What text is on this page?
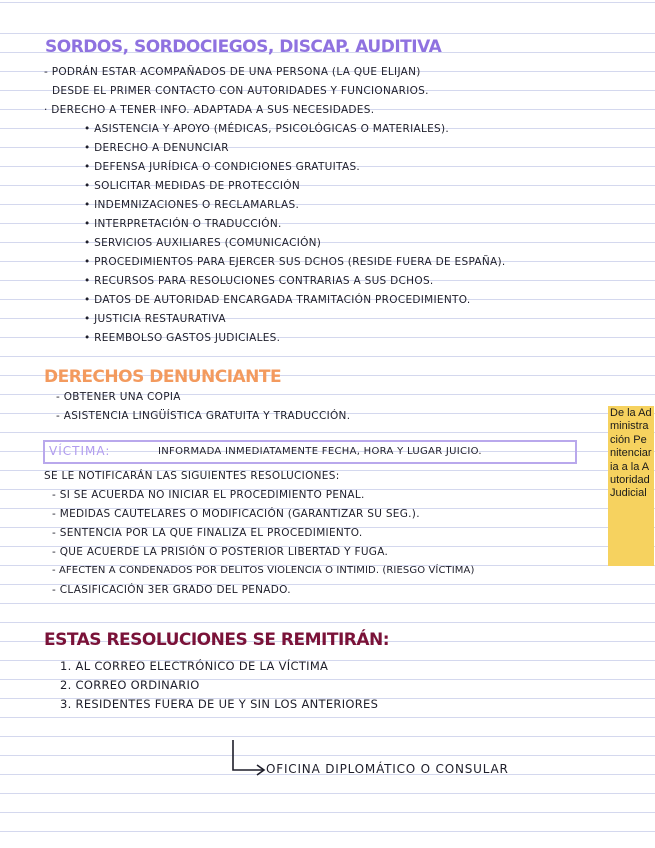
SORDOS, SORDOCIEGOS, DISCAP. AUDITIVA
- PODRÁN ESTAR ACOMPAÑADOS DE UNA PERSONA (LA QUE ELIJAN)
DESDE EL PRIMER CONTACTO CON AUTORIDADES Y FUNCIONARIOS.
· DERECHO A TENER INFO. ADAPTADA A SUS NECESIDADES.
• ASISTENCIA Y APOYO (MÉDICAS, PSICOLÓGICAS O MATERIALES).
• DERECHO A DENUNCIAR
• DEFENSA JURÍDICA O CONDICIONES GRATUITAS.
• SOLICITAR MEDIDAS DE PROTECCIÓN
• INDEMNIZACIONES O RECLAMARLAS.
• INTERPRETACIÓN O TRADUCCIÓN.
• SERVICIOS AUXILIARES (COMUNICACIÓN)
• PROCEDIMIENTOS PARA EJERCER SUS DCHOS (RESIDE FUERA DE ESPAÑA).
• RECURSOS PARA RESOLUCIONES CONTRARIAS A SUS DCHOS.
• DATOS DE AUTORIDAD ENCARGADA TRAMITACIÓN PROCEDIMIENTO.
• JUSTICIA RESTAURATIVA
• REEMBOLSO GASTOS JUDICIALES.
DERECHOS DENUNCIANTE
- OBTENER UNA COPIA
- ASISTENCIA LINGÜÍSTICA GRATUITA Y TRADUCCIÓN.
VÍCTIMA:	INFORMADA INMEDIATAMENTE FECHA, HORA Y LUGAR JUICIO.
SE LE NOTIFICARÁN LAS SIGUIENTES RESOLUCIONES:
- SI SE ACUERDA NO INICIAR EL PROCEDIMIENTO PENAL.
- MEDIDAS CAUTELARES O MODIFICACIÓN (GARANTIZAR SU SEG.).
- SENTENCIA POR LA QUE FINALIZA EL PROCEDIMIENTO.
- QUE ACUERDE LA PRISIÓN O POSTERIOR LIBERTAD Y FUGA.
- AFECTEN A CONDENADOS POR DELITOS VIOLENCIA O INTIMID. (RIESGO VÍCTIMA)
- CLASIFICACIÓN 3ER GRADO DEL PENADO.
ESTAS RESOLUCIONES SE REMITIRÁN:
1. AL CORREO ELECTRÓNICO DE LA VÍCTIMA
2. CORREO ORDINARIO
3. RESIDENTES FUERA DE UE Y SIN LOS ANTERIORES
OFICINA DIPLOMÁTICO O CONSULAR
De la Administración Penitenciaria a la Autoridad Judicial
